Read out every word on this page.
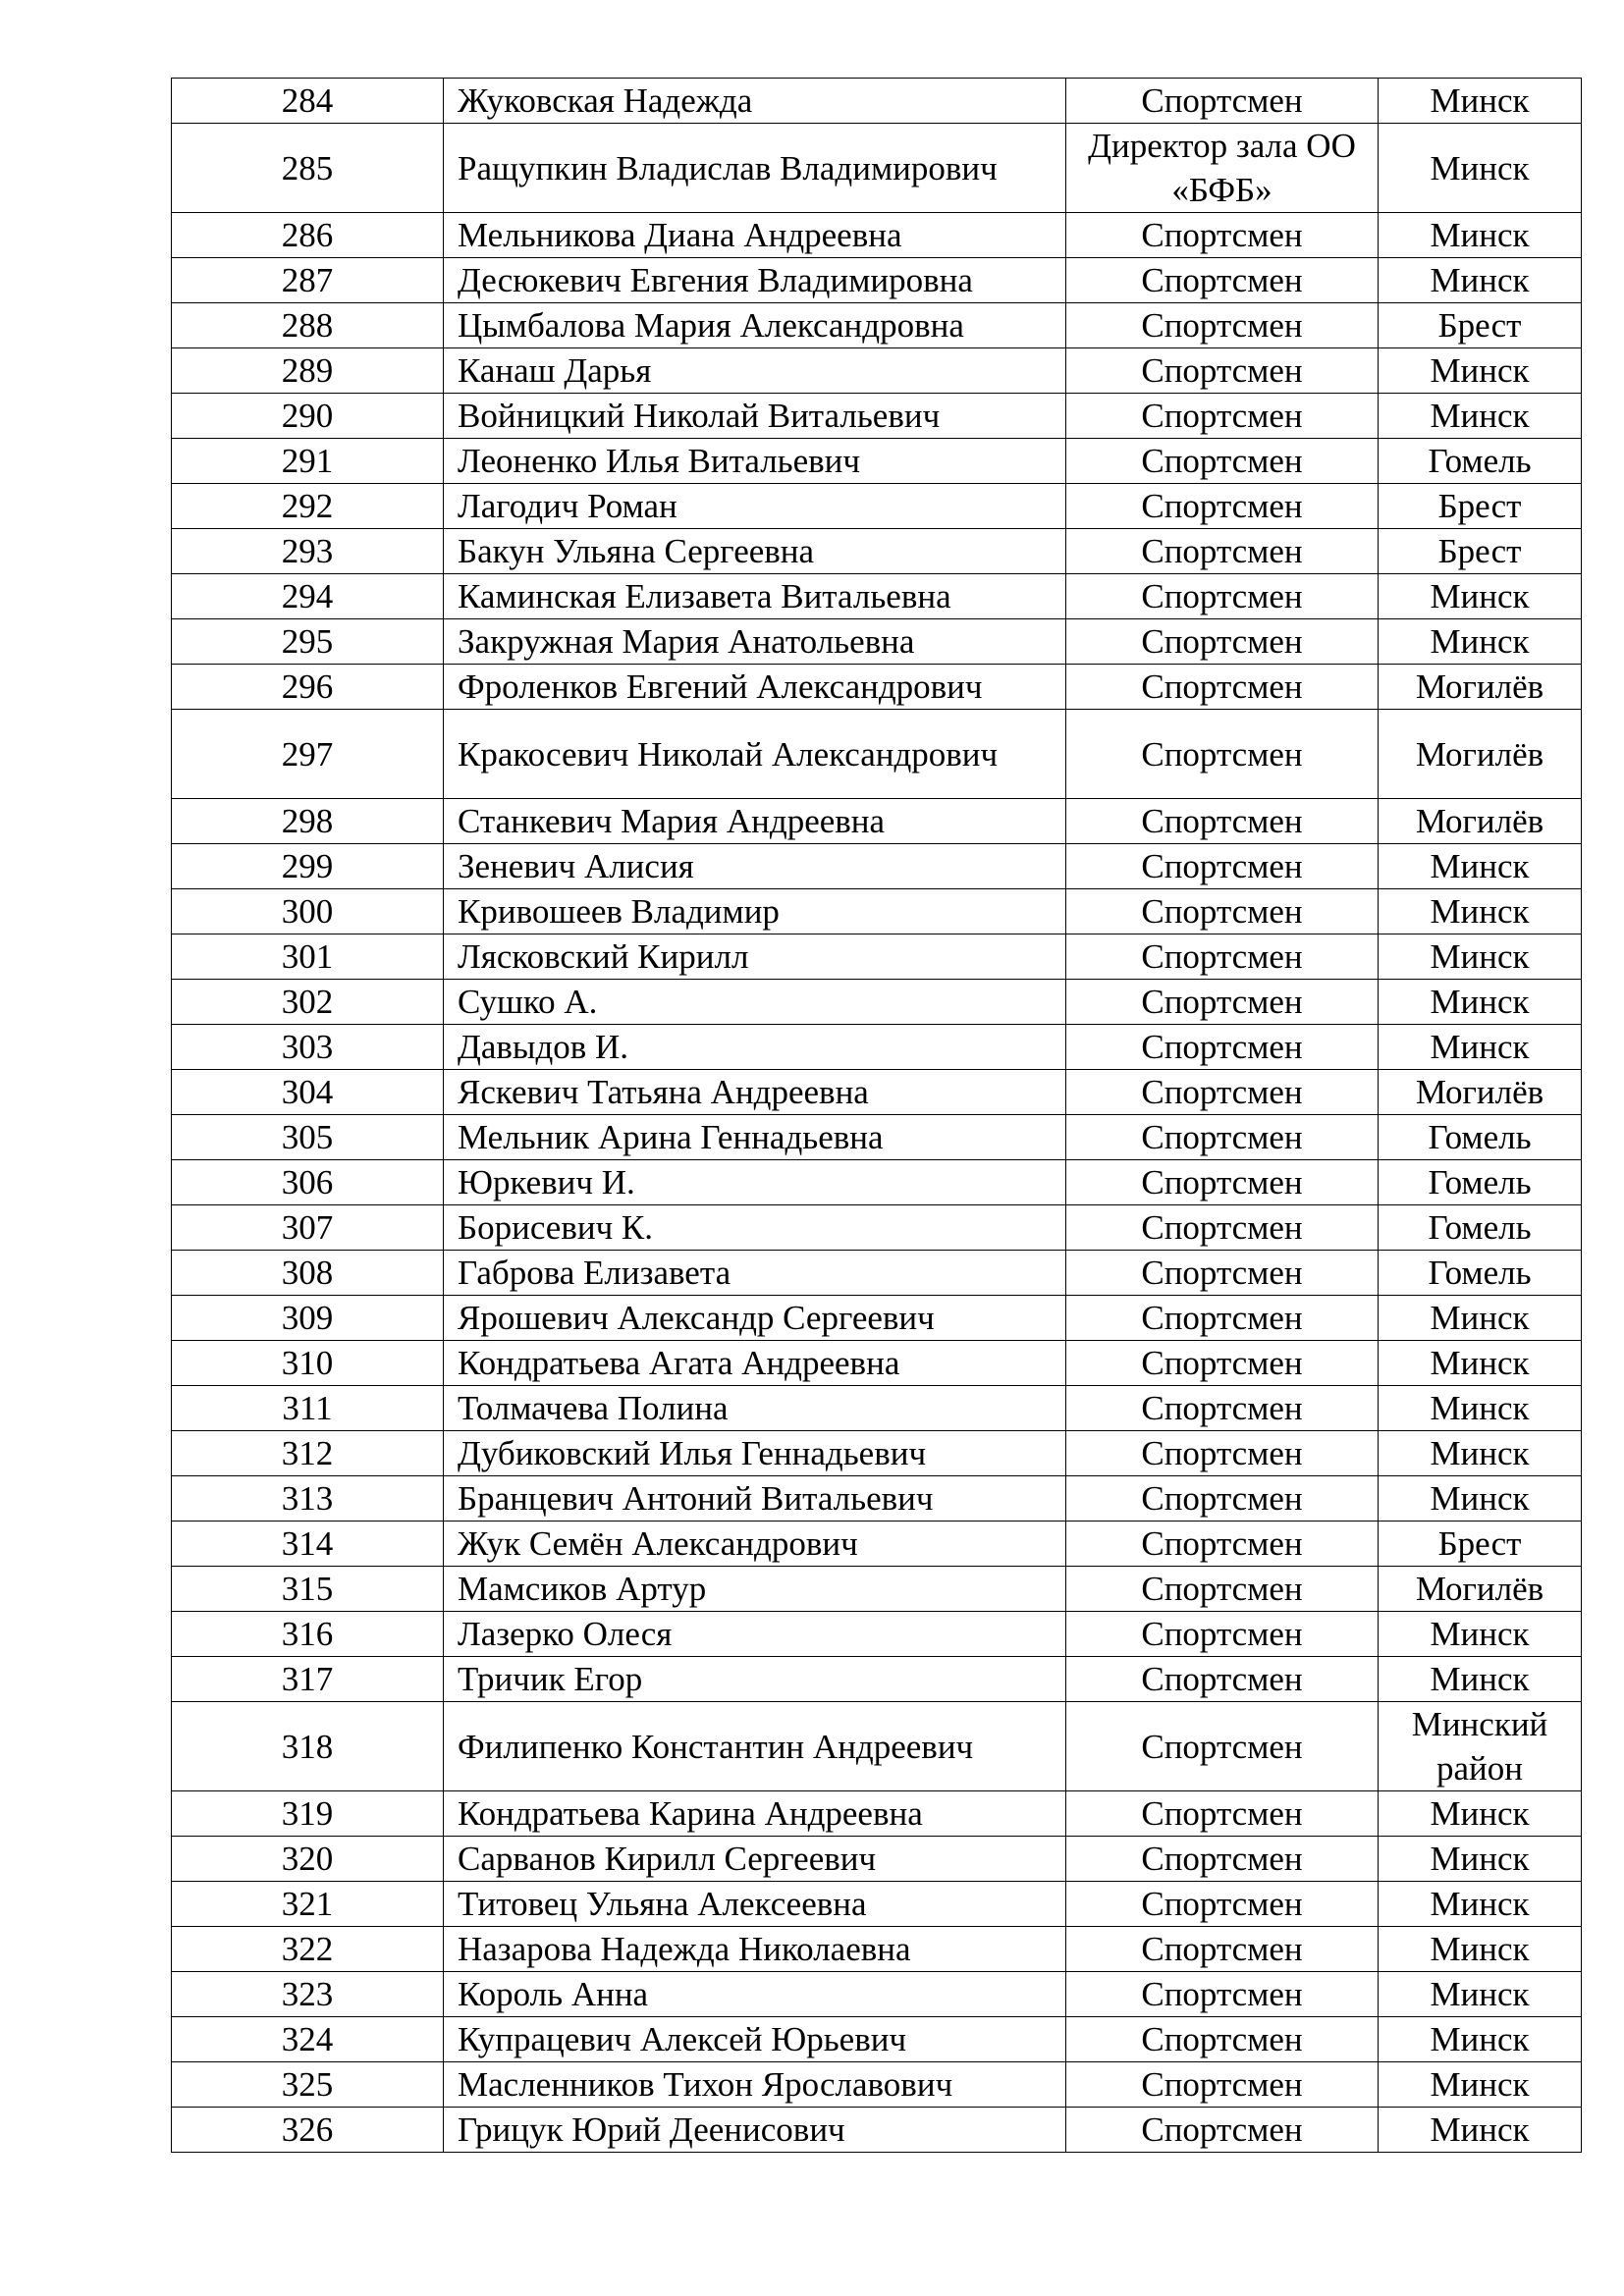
284	Жуковская Надежда	Спортсмен	Минск
285	Ращупкин Владислав Владимирович	Директор зала ОО «БФБ»	Минск
286	Мельникова Диана Андреевна	Спортсмен	Минск
287	Десюкевич Евгения Владимировна	Спортсмен	Минск
288	Цымбалова Мария Александровна	Спортсмен	Брест
289	Канаш Дарья	Спортсмен	Минск
290	Войницкий Николай Витальевич	Спортсмен	Минск
291	Леоненко Илья Витальевич	Спортсмен	Гомель
292	Лагодич Роман	Спортсмен	Брест
293	Бакун Ульяна Сергеевна	Спортсмен	Брест
294	Каминская Елизавета Витальевна	Спортсмен	Минск
295	Закружная Мария Анатольевна	Спортсмен	Минск
296	Фроленков Евгений Александрович	Спортсмен	Могилёв
297	Кракосевич Николай Александрович	Спортсмен	Могилёв
298	Станкевич Мария Андреевна	Спортсмен	Могилёв
299	Зеневич Алисия	Спортсмен	Минск
300	Кривошеев Владимир	Спортсмен	Минск
301	Лясковский Кирилл	Спортсмен	Минск
302	Сушко А.	Спортсмен	Минск
303	Давыдов И.	Спортсмен	Минск
304	Яскевич Татьяна Андреевна	Спортсмен	Могилёв
305	Мельник Арина Геннадьевна	Спортсмен	Гомель
306	Юркевич И.	Спортсмен	Гомель
307	Борисевич К.	Спортсмен	Гомель
308	Габрова Елизавета	Спортсмен	Гомель
309	Ярошевич Александр Сергеевич	Спортсмен	Минск
310	Кондратьева Агата Андреевна	Спортсмен	Минск
311	Толмачева Полина	Спортсмен	Минск
312	Дубиковский Илья Геннадьевич	Спортсмен	Минск
313	Бранцевич Антоний Витальевич	Спортсмен	Минск
314	Жук Семён Александрович	Спортсмен	Брест
315	Мамсиков Артур	Спортсмен	Могилёв
316	Лазерко Олеся	Спортсмен	Минск
317	Тричик Егор	Спортсмен	Минск
318	Филипенко Константин Андреевич	Спортсмен	Минский район
319	Кондратьева Карина Андреевна	Спортсмен	Минск
320	Сарванов Кирилл Сергеевич	Спортсмен	Минск
321	Титовец Ульяна Алексеевна	Спортсмен	Минск
322	Назарова Надежда Николаевна	Спортсмен	Минск
323	Король Анна	Спортсмен	Минск
324	Купрацевич Алексей Юрьевич	Спортсмен	Минск
325	Масленников Тихон Ярославович	Спортсмен	Минск
326	Грицук Юрий Деенисович	Спортсмен	Минск
